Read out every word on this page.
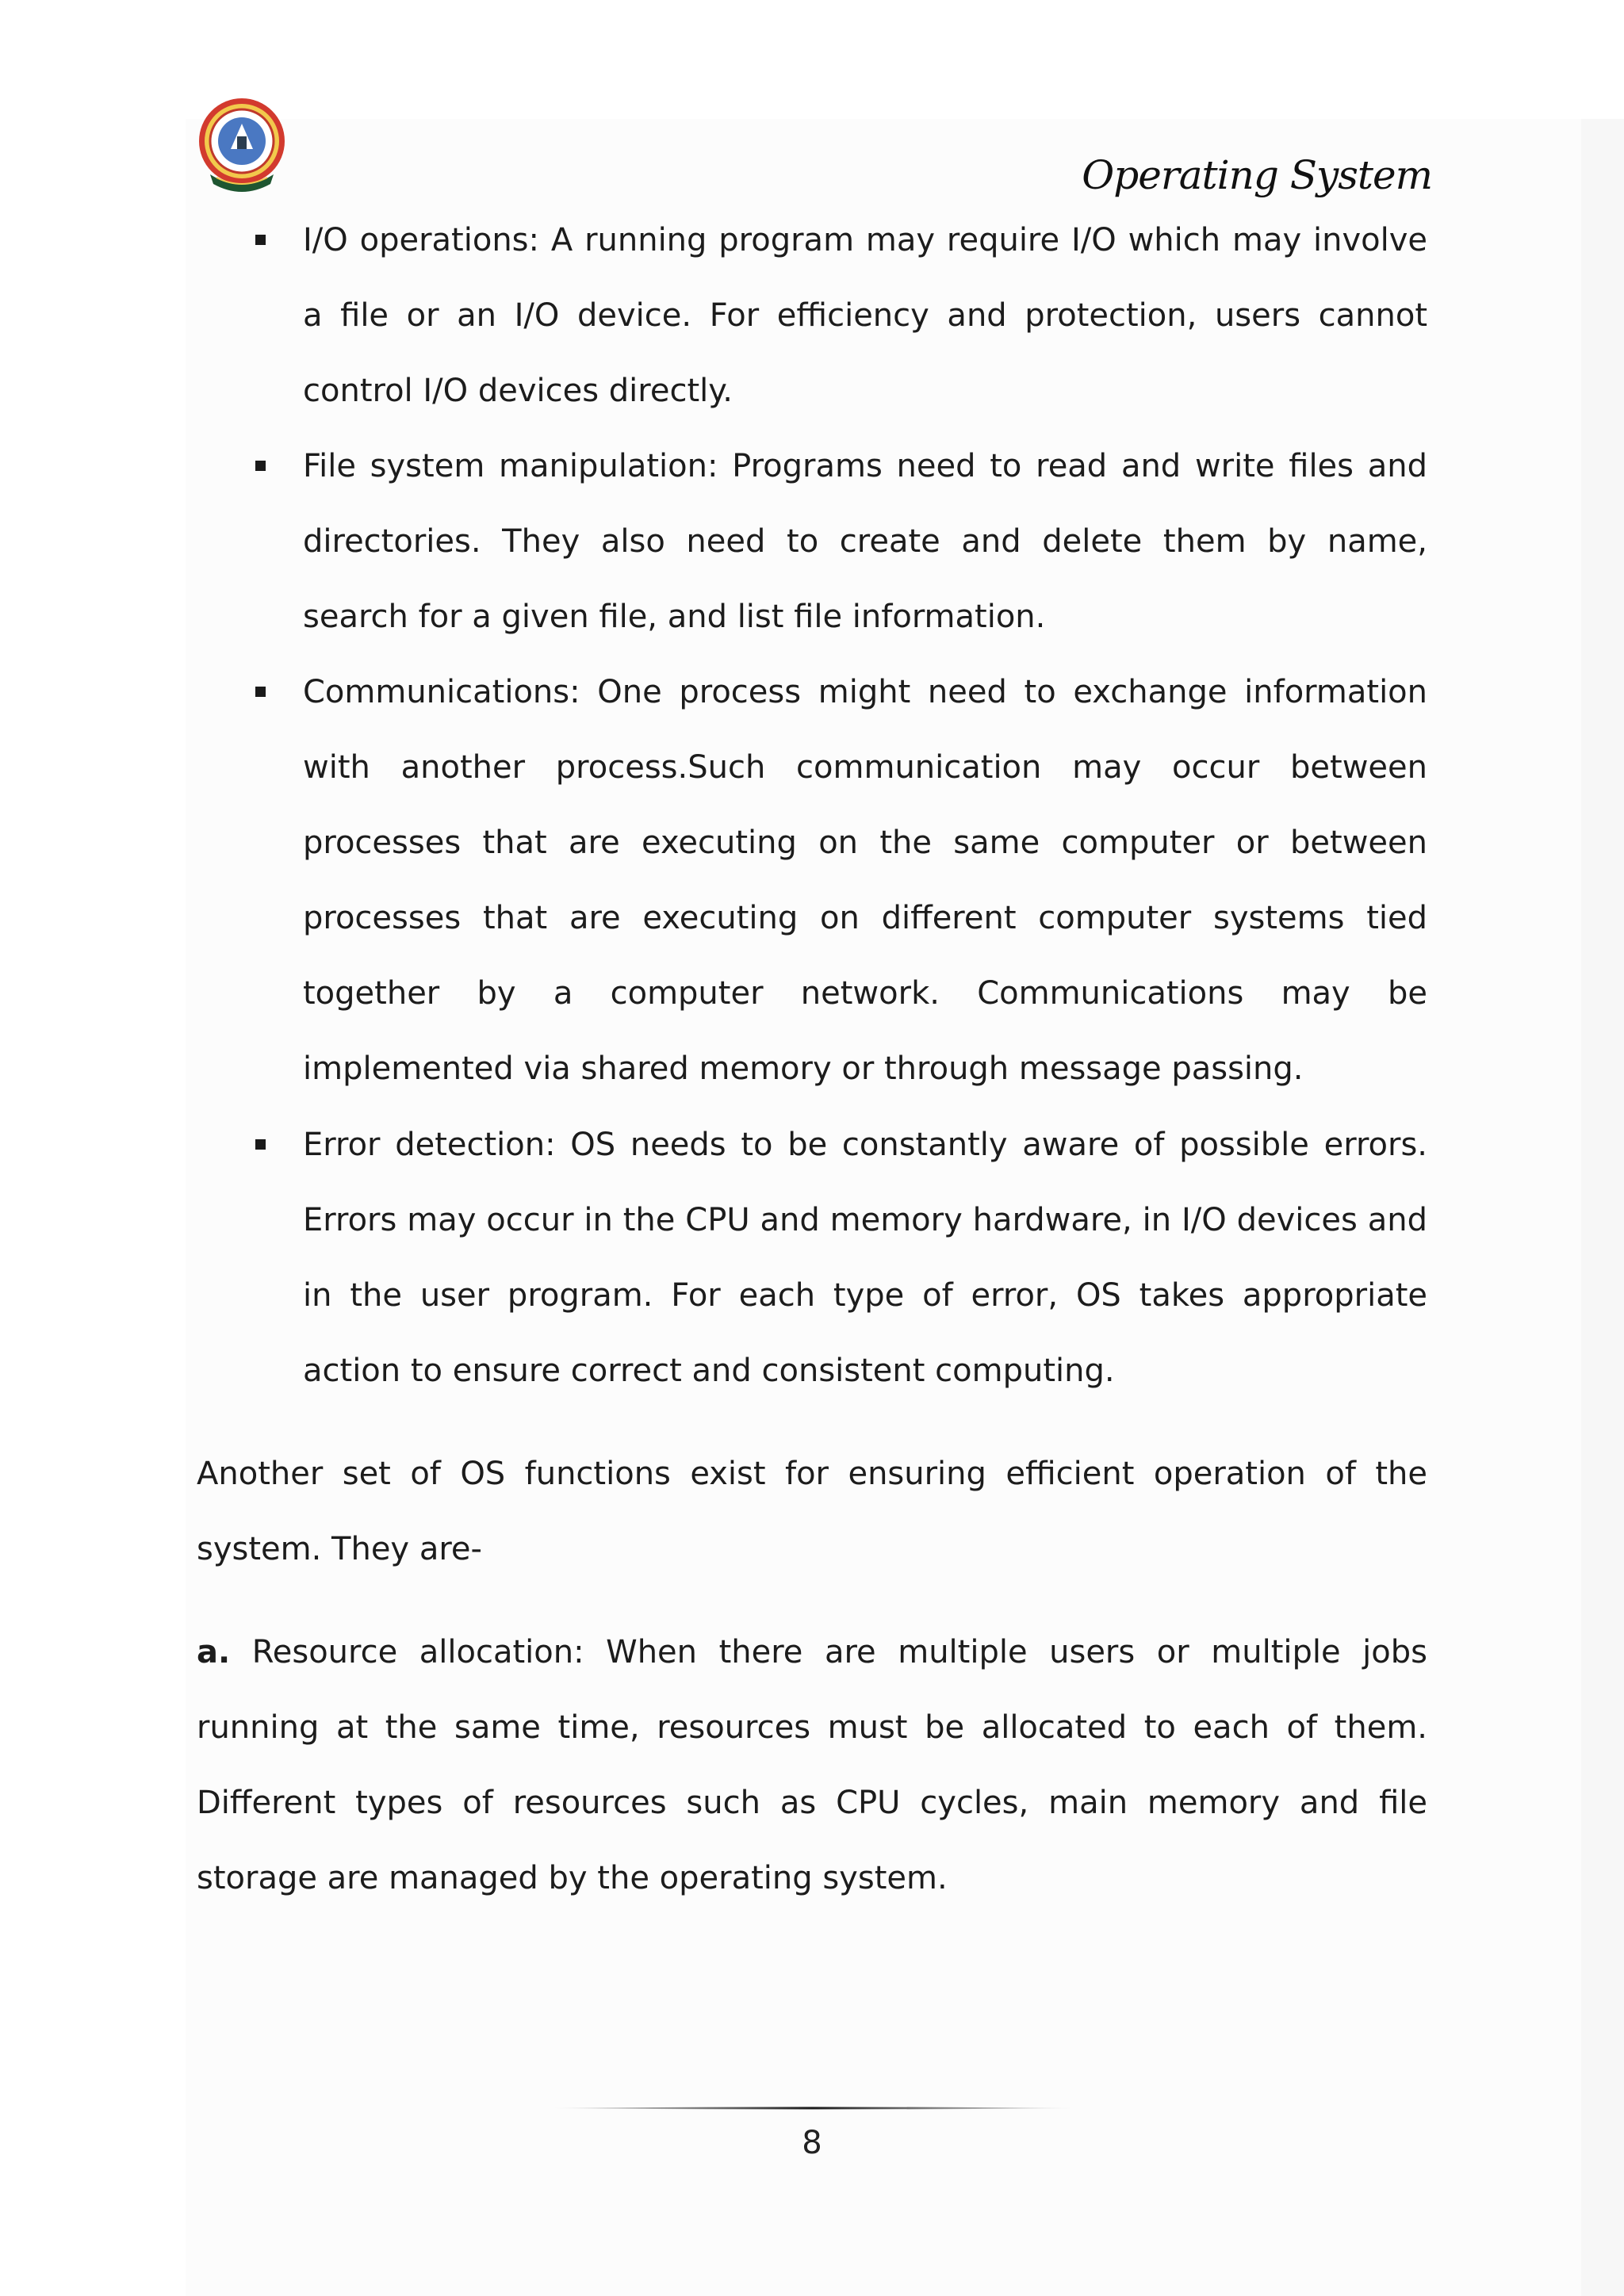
Operating System
I/O operations: A running program may require I/O which may involve a file or an I/O device. For efficiency and protection, users cannot control I/O devices directly.
File system manipulation: Programs need to read and write files and directories. They also need to create and delete them by name, search for a given file, and list file information.
Communications: One process might need to exchange information with another process.Such communication may occur between processes that are executing on the same computer or between processes that are executing on different computer systems tied together by a computer network. Communications may be implemented via shared memory or through message passing.
Error detection: OS needs to be constantly aware of possible errors. Errors may occur in the CPU and memory hardware, in I/O devices and in the user program. For each type of error, OS takes appropriate action to ensure correct and consistent computing.
Another set of OS functions exist for ensuring efficient operation of the system. They are-
a. Resource allocation: When there are multiple users or multiple jobs running at the same time, resources must be allocated to each of them. Different types of resources such as CPU cycles, main memory and file storage are managed by the operating system.
8
